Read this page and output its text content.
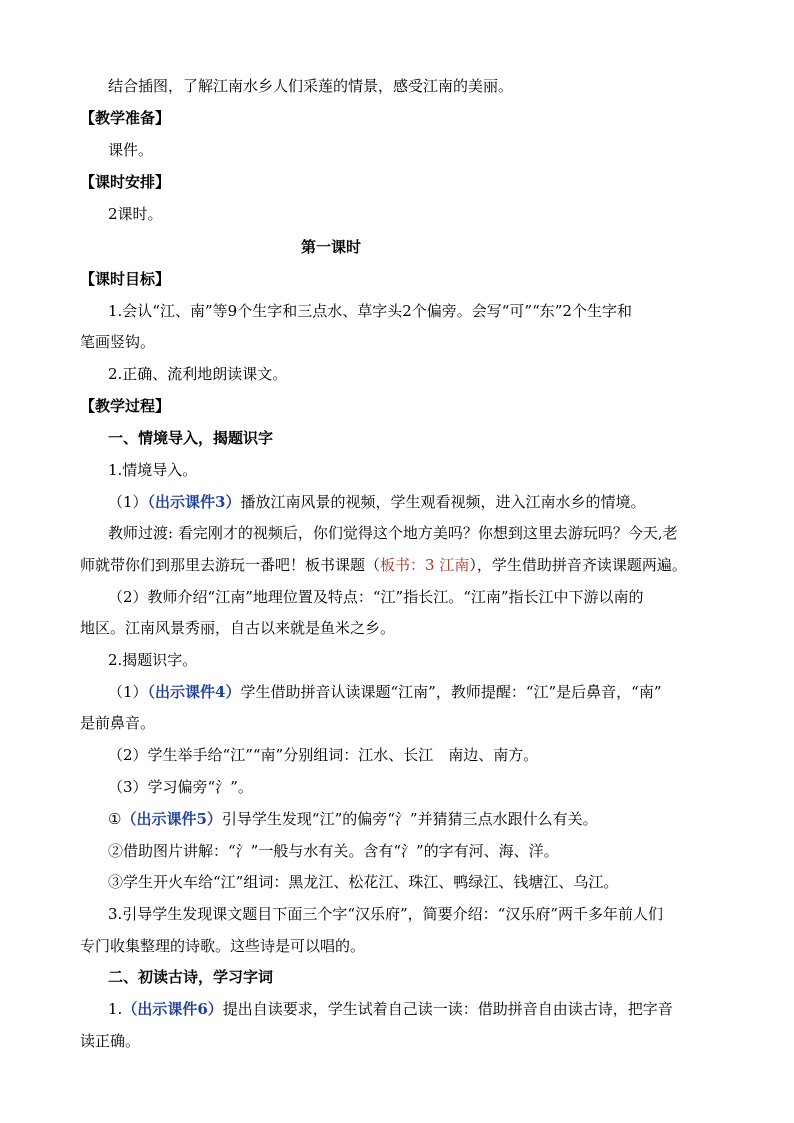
结合插图，了解江南水乡人们采莲的情景，感受江南的美丽。
【教学准备】
课件。
【课时安排】
2课时。
第一课时
【课时目标】
1.会认“江、南”等9个生字和三点水、草字头2个偏旁。会写“可”“东”2个生字和
笔画竖钩。
2.正确、流利地朗读课文。
【教学过程】
一、情境导入，揭题识字
1.情境导入。
（1）（出示课件3）播放江南风景的视频，学生观看视频，进入江南水乡的情境。
教师过渡: 看完刚才的视频后，你们觉得这个地方美吗？你想到这里去游玩吗？今天,老
师就带你们到那里去游玩一番吧！板书课题（板书：3 江南），学生借助拼音齐读课题两遍。
（2）教师介绍“江南”地理位置及特点：“江”指长江。“江南”指长江中下游以南的
地区。江南风景秀丽，自古以来就是鱼米之乡。
2.揭题识字。
（1）（出示课件4）学生借助拼音认读课题“江南”，教师提醒：“江”是后鼻音，“南”
是前鼻音。
（2）学生举手给“江”“南”分别组词：江水、长江　南边、南方。
（3）学习偏旁“氵”。
①（出示课件5）引导学生发现“江”的偏旁“氵”并猜猜三点水跟什么有关。
②借助图片讲解：“氵”一般与水有关。含有“氵”的字有河、海、洋。
③学生开火车给“江”组词：黑龙江、松花江、珠江、鸭绿江、钱塘江、乌江。
3.引导学生发现课文题目下面三个字“汉乐府”，简要介绍：“汉乐府”两千多年前人们
专门收集整理的诗歌。这些诗是可以唱的。
二、初读古诗，学习字词
1.（出示课件6）提出自读要求，学生试着自己读一读：借助拼音自由读古诗，把字音
读正确。
